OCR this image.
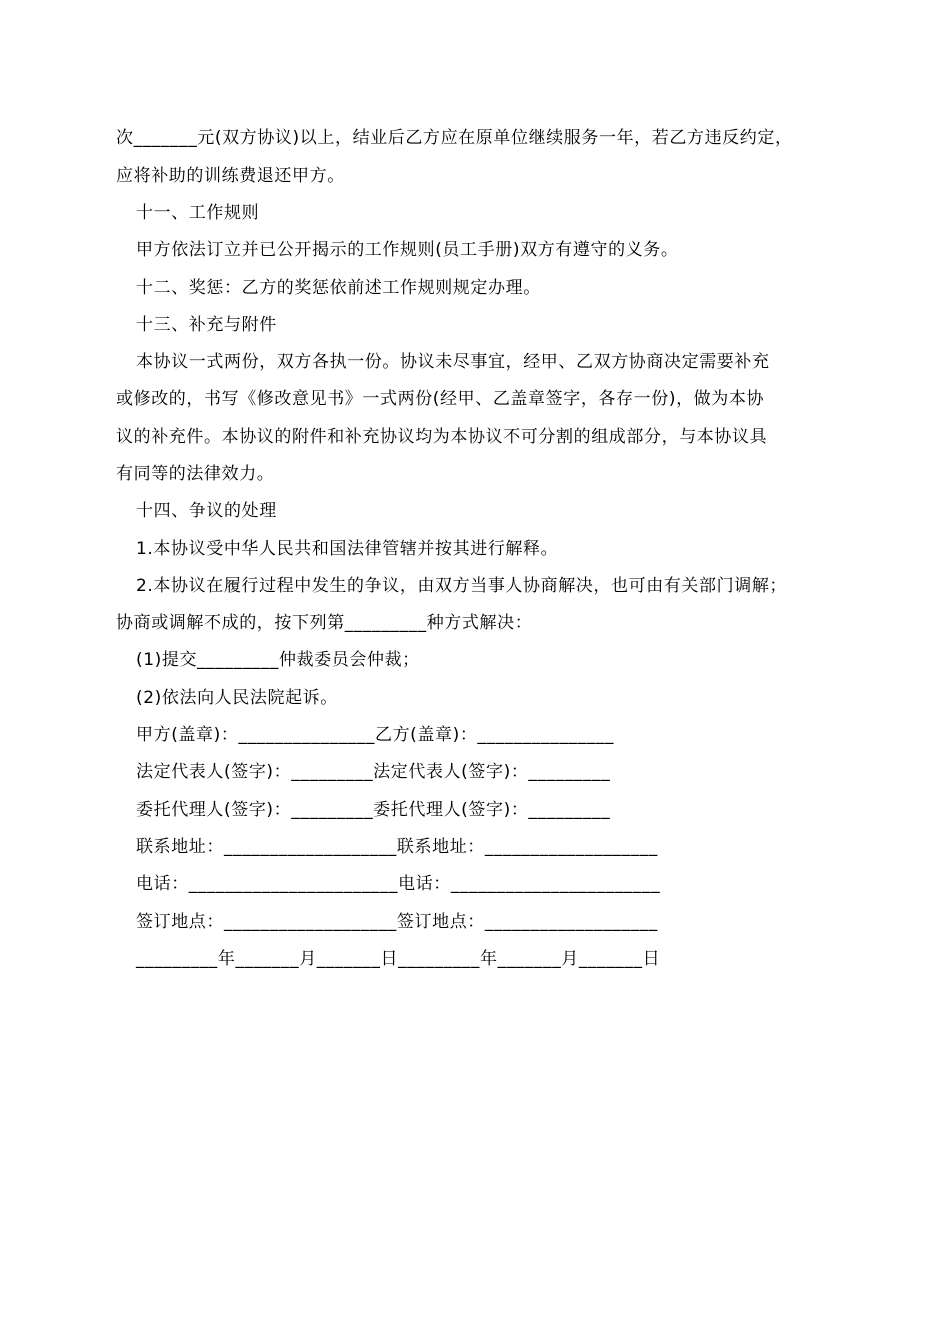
次_______元(双方协议)以上，结业后乙方应在原单位继续服务一年，若乙方违反约定，
应将补助的训练费退还甲方。
十一、工作规则
甲方依法订立并已公开揭示的工作规则(员工手册)双方有遵守的义务。
十二、奖惩：乙方的奖惩依前述工作规则规定办理。
十三、补充与附件
本协议一式两份，双方各执一份。协议未尽事宜，经甲、乙双方协商决定需要补充
或修改的，书写《修改意见书》一式两份(经甲、乙盖章签字，各存一份)，做为本协
议的补充件。本协议的附件和补充协议均为本协议不可分割的组成部分，与本协议具
有同等的法律效力。
十四、争议的处理
1.本协议受中华人民共和国法律管辖并按其进行解释。
2.本协议在履行过程中发生的争议，由双方当事人协商解决，也可由有关部门调解；
协商或调解不成的，按下列第_________种方式解决：
(1)提交_________仲裁委员会仲裁；
(2)依法向人民法院起诉。
甲方(盖章)：_______________乙方(盖章)：_______________
法定代表人(签字)：_________法定代表人(签字)：_________
委托代理人(签字)：_________委托代理人(签字)：_________
联系地址：___________________联系地址：___________________
电话：_______________________电话：_______________________
签订地点：___________________签订地点：___________________
_________年_______月_______日_________年_______月_______日
